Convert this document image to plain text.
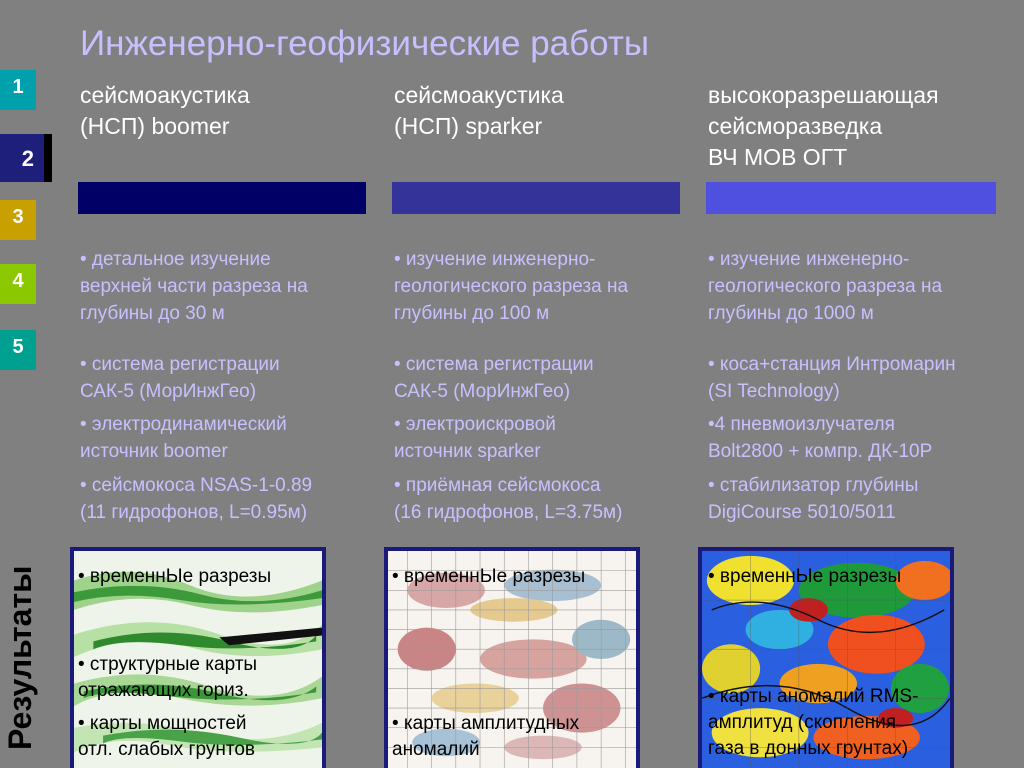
Инженерно-геофизические работы
1
2
3
4
5
Результаты
сейсмоакустика
(НСП) boomer
• детальное изучение
верхней части разреза на
глубины до 30 м
• система регистрации
САК-5 (МорИнжГео)
• электродинамический
источник boomer
• сейсмокоса NSAS-1-0.89
(11 гидрофонов, L=0.95м)
сейсмоакустика
(НСП) sparker
• изучение инженерно-
геологического разреза на
глубины до 100 м
• система регистрации
САК-5 (МорИнжГео)
• электроискровой
источник sparker
• приёмная сейсмокоса
(16 гидрофонов, L=3.75м)
высокоразрешающая
сейсморазведка
ВЧ МОВ ОГТ
• изучение инженерно-
геологического разреза на
глубины до 1000 м
• коса+станция Интромарин
(SI Technology)
•4 пневмоизлучателя
Bolt2800 + компр. ДК-10Р
• стабилизатор глубины
DigiCourse 5010/5011
• временнЫе разрезы
• структурные карты
отражающих гориз.
• карты мощностей
отл. слабых грунтов
• временнЫе разрезы
• карты амплитудных
аномалий
• временнЫе разрезы
• карты аномалий RMS-
амплитуд (скопления
газа в донных грунтах)
